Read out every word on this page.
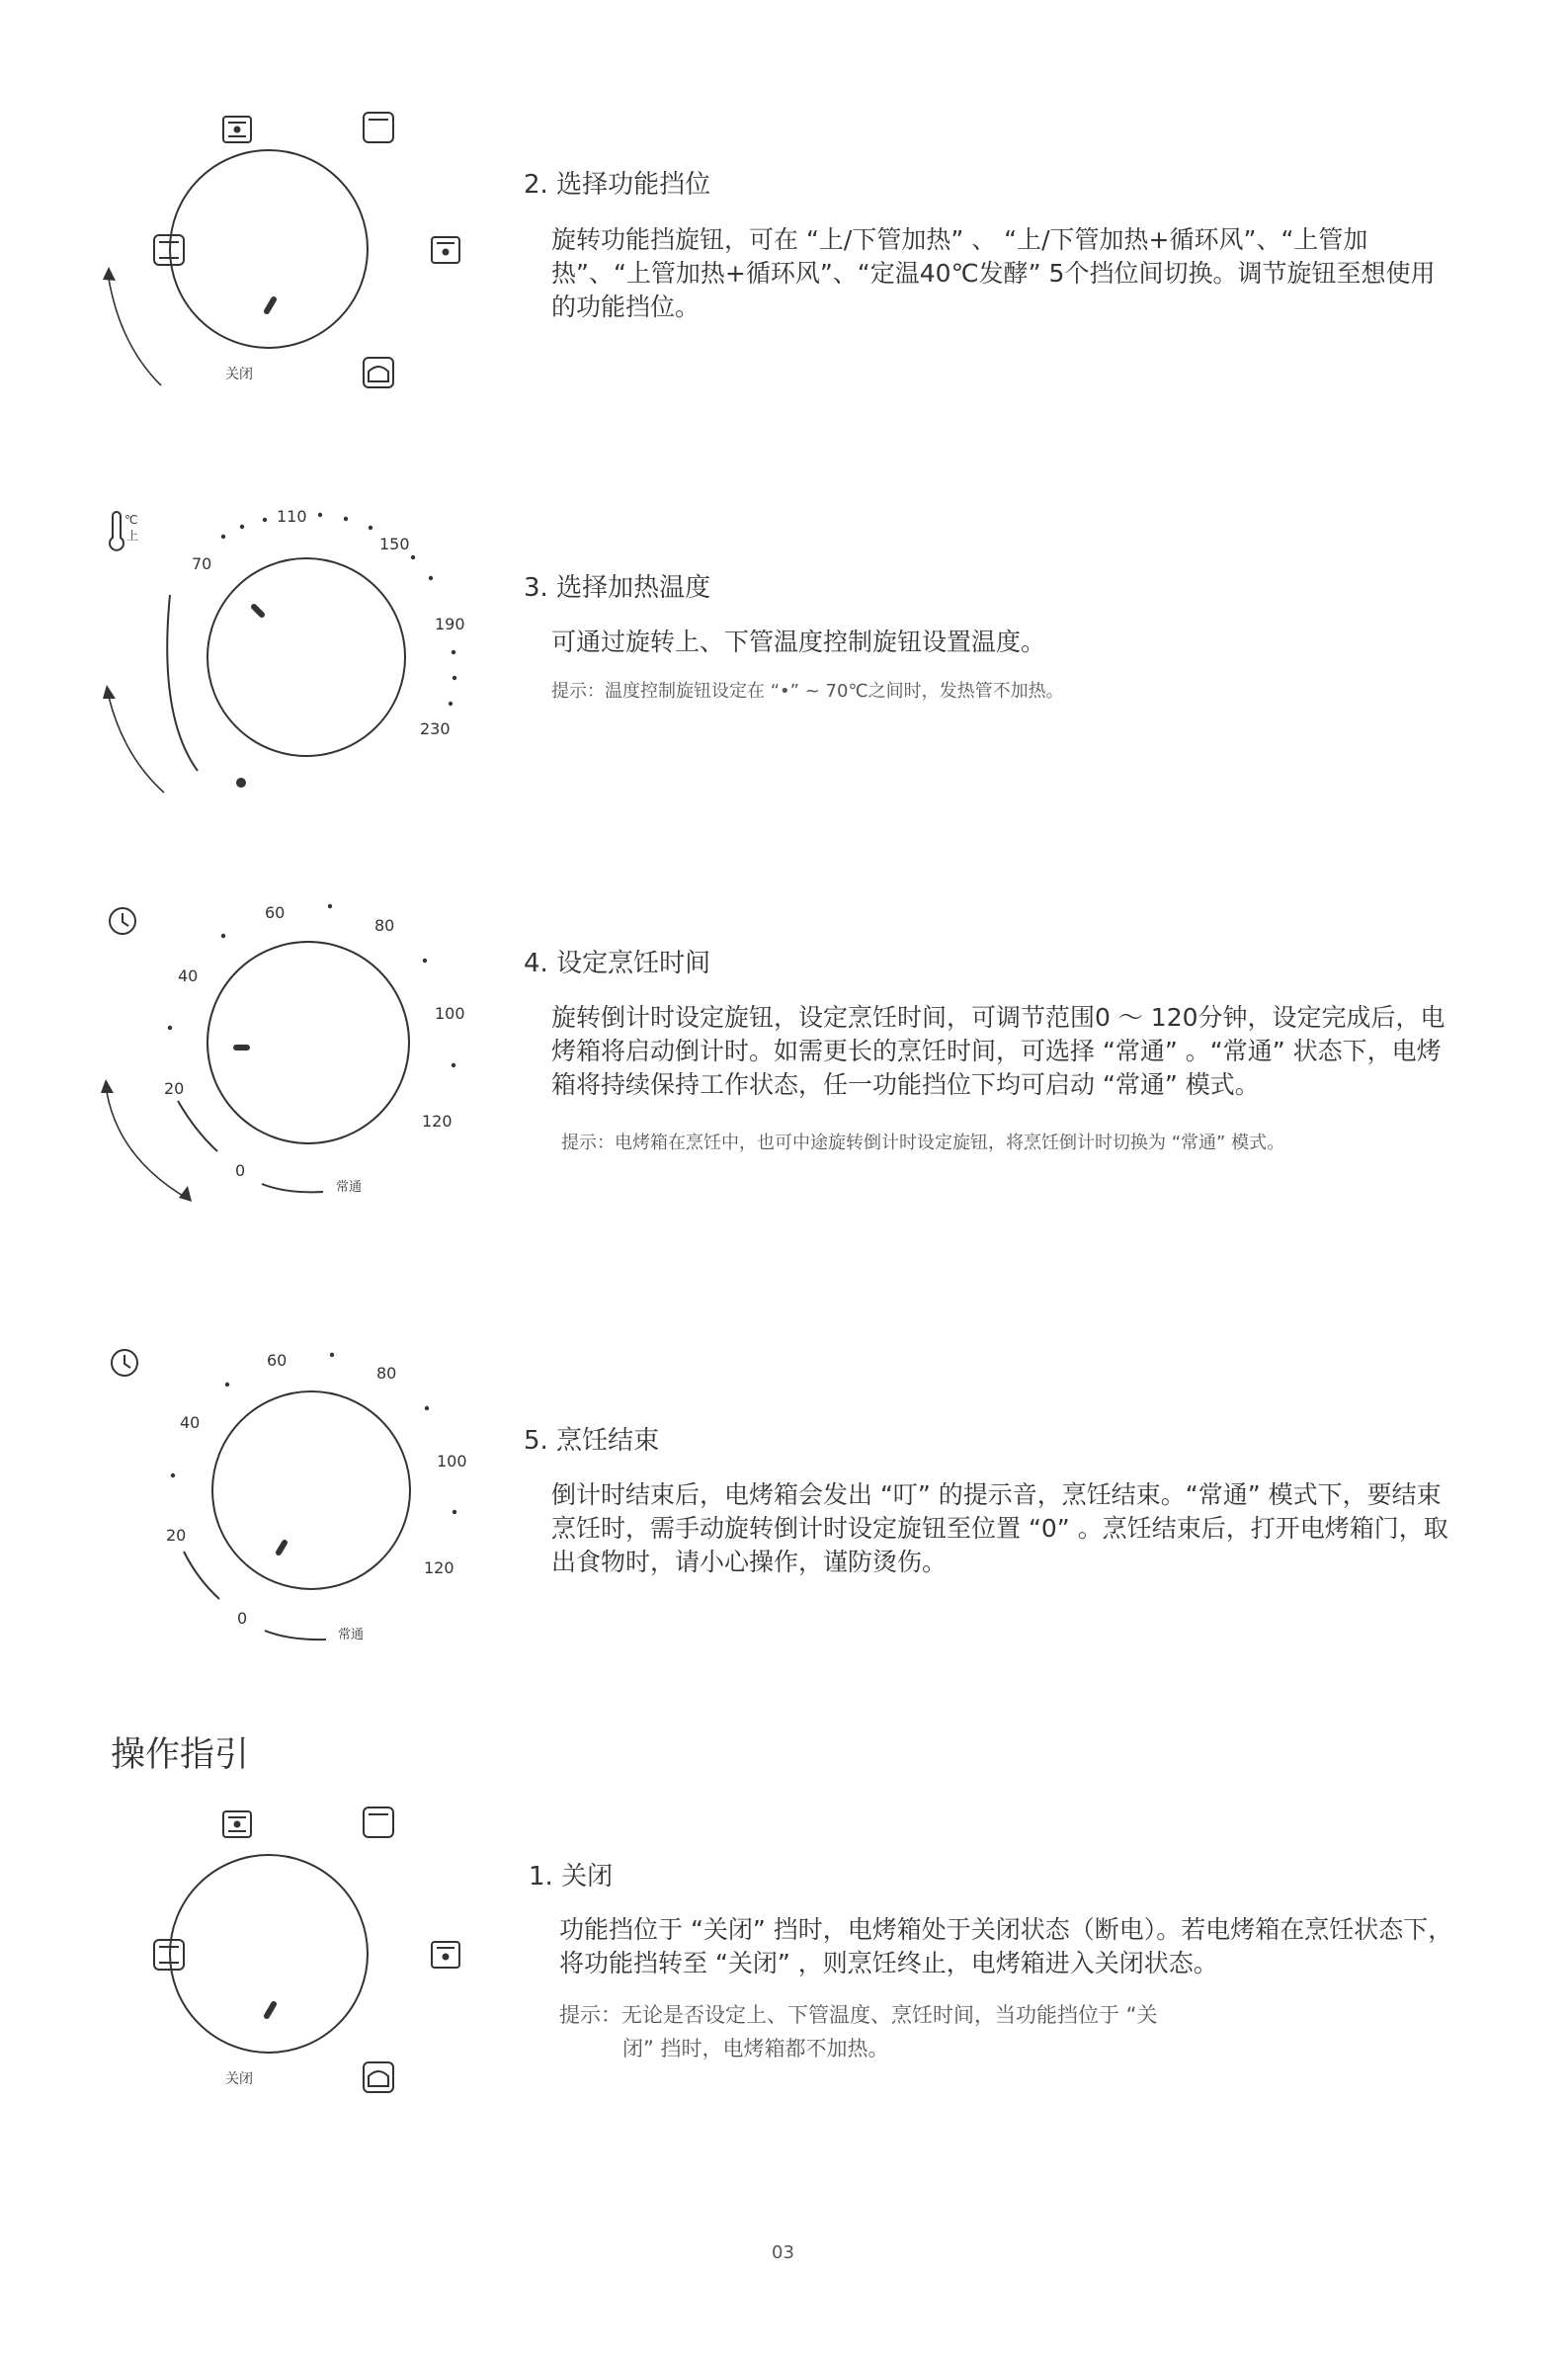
关闭
2. 选择功能挡位
旋转功能挡旋钮，可在 “上/下管加热” 、 “上/下管加热+循环风”、“上管加热”、“上管加热+循环风”、“定温40℃发酵” 5个挡位间切换。调节旋钮至想使用的功能挡位。
℃
上
70
110
150
190
230
3. 选择加热温度
可通过旋转上、下管温度控制旋钮设置温度。
提示：温度控制旋钮设定在 “•” ~ 70℃之间时，发热管不加热。
0
20
40
60
80
100
120
常通
4. 设定烹饪时间
旋转倒计时设定旋钮，设定烹饪时间，可调节范围0 ～ 120分钟，设定完成后，电烤箱将启动倒计时。如需更长的烹饪时间，可选择 “常通” 。“常通” 状态下，电烤箱将持续保持工作状态，任一功能挡位下均可启动 “常通” 模式。
提示：电烤箱在烹饪中，也可中途旋转倒计时设定旋钮，将烹饪倒计时切换为 “常通” 模式。
0
20
40
60
80
100
120
常通
5. 烹饪结束
倒计时结束后，电烤箱会发出 “叮” 的提示音，烹饪结束。“常通” 模式下，要结束烹饪时，需手动旋转倒计时设定旋钮至位置 “0” 。烹饪结束后，打开电烤箱门，取出食物时，请小心操作，谨防烫伤。
操作指引
关闭
1. 关闭
功能挡位于 “关闭” 挡时，电烤箱处于关闭状态（断电）。若电烤箱在烹饪状态下，将功能挡转至 “关闭” ，则烹饪终止，电烤箱进入关闭状态。
提示：无论是否设定上、下管温度、烹饪时间，当功能挡位于 “关
闭” 挡时，电烤箱都不加热。
03
